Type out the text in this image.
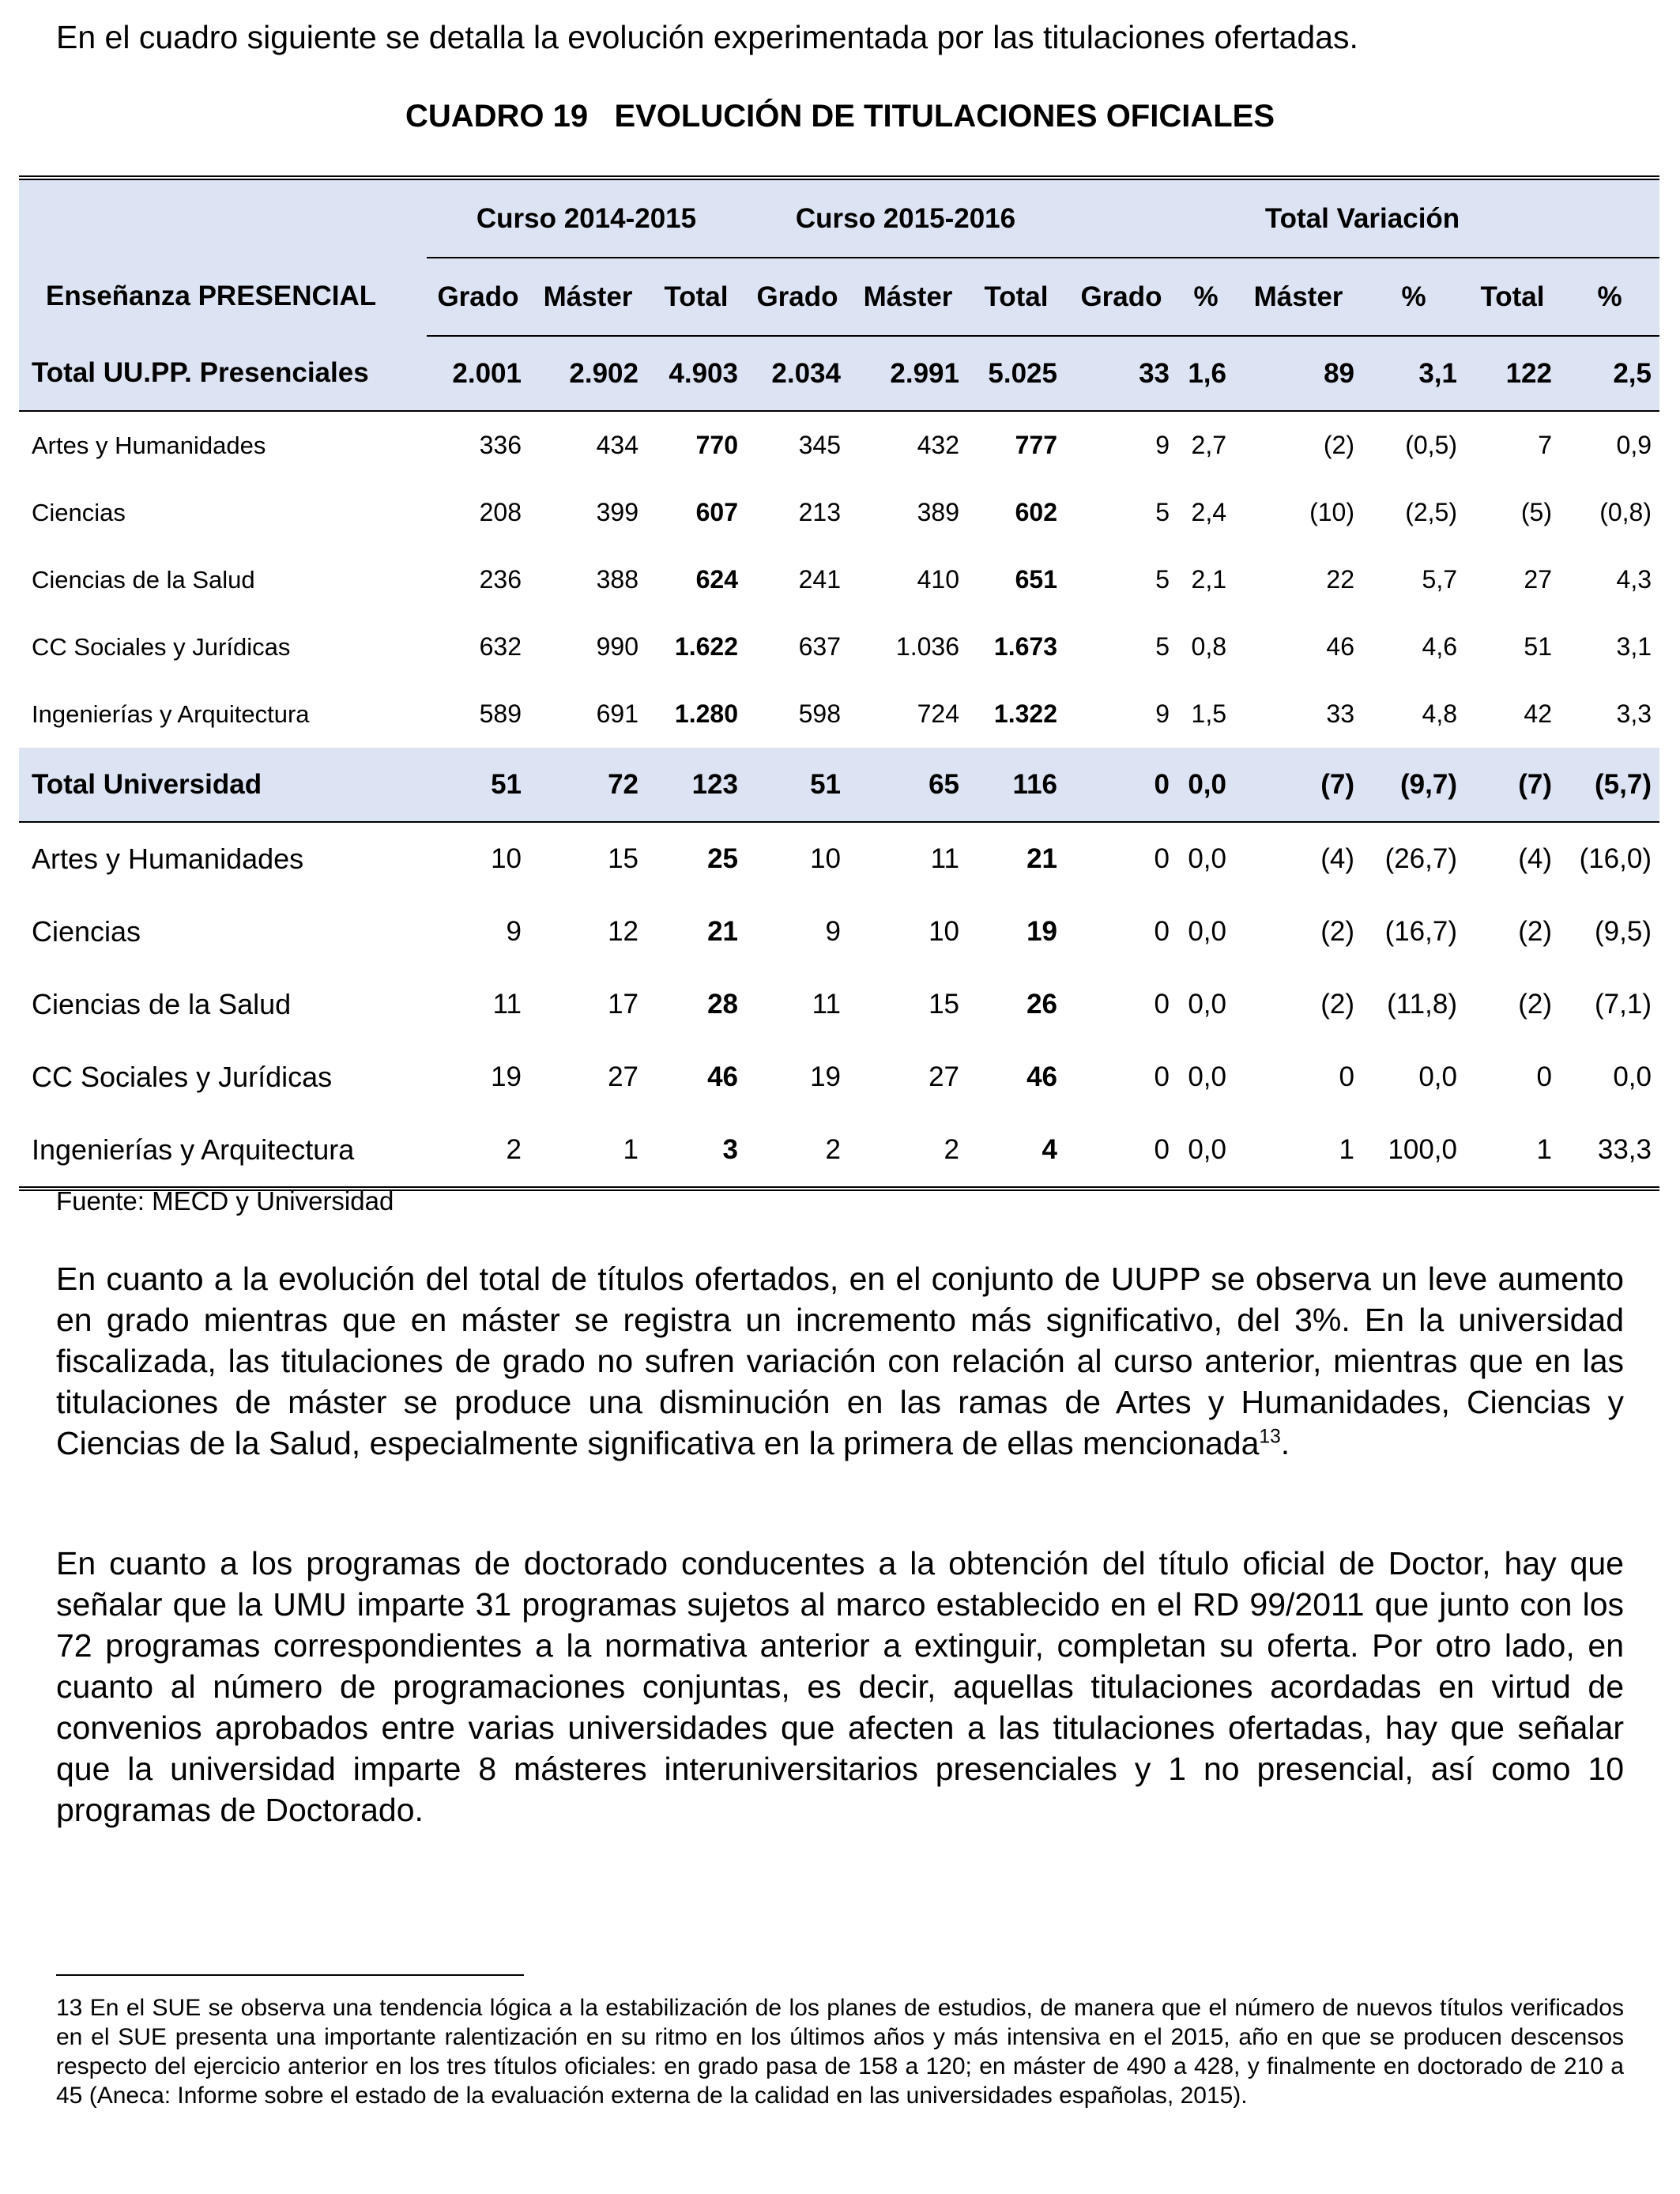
En el cuadro siguiente se detalla la evolución experimentada por las titulaciones ofertadas.
CUADRO 19   EVOLUCIÓN DE TITULACIONES OFICIALES

Enseñanza PRESENCIAL	Curso 2014-2015			Curso 2015-2016			Total Variación					
	Grado	Máster	Total	Grado	Máster	Total	Grado	%	Máster	%	Total	%
Total UU.PP. Presenciales	2.001	2.902	4.903	2.034	2.991	5.025	33	1,6	89	3,1	122	2,5
Artes y Humanidades	336	434	770	345	432	777	9	2,7	(2)	(0,5)	7	0,9
Ciencias	208	399	607	213	389	602	5	2,4	(10)	(2,5)	(5)	(0,8)
Ciencias de la Salud	236	388	624	241	410	651	5	2,1	22	5,7	27	4,3
CC Sociales y Jurídicas	632	990	1.622	637	1.036	1.673	5	0,8	46	4,6	51	3,1
Ingenierías y Arquitectura	589	691	1.280	598	724	1.322	9	1,5	33	4,8	42	3,3
Total Universidad	51	72	123	51	65	116	0	0,0	(7)	(9,7)	(7)	(5,7)
Artes y Humanidades	10	15	25	10	11	21	0	0,0	(4)	(26,7)	(4)	(16,0)
Ciencias	9	12	21	9	10	19	0	0,0	(2)	(16,7)	(2)	(9,5)
Ciencias de la Salud	11	17	28	11	15	26	0	0,0	(2)	(11,8)	(2)	(7,1)
CC Sociales y Jurídicas	19	27	46	19	27	46	0	0,0	0	0,0	0	0,0
Ingenierías y Arquitectura	2	1	3	2	2	4	0	0,0	1	100,0	1	33,3
Fuente: MECD y Universidad
En cuanto a la evolución del total de títulos ofertados, en el conjunto de UUPP se observa un leve aumento en grado mientras que en máster se registra un incremento más significativo, del 3%. En la universidad fiscalizada, las titulaciones de grado no sufren variación con relación al curso anterior, mientras que en las titulaciones de máster se produce una disminución en las ramas de Artes y Humanidades, Ciencias y Ciencias de la Salud, especialmente significativa en la primera de ellas mencionada$^{13}$.
En cuanto a los programas de doctorado conducentes a la obtención del título oficial de Doctor, hay que señalar que la UMU imparte 31 programas sujetos al marco establecido en el RD 99/2011 que junto con los 72 programas correspondientes a la normativa anterior a extinguir, completan su oferta. Por otro lado, en cuanto al número de programaciones conjuntas, es decir, aquellas titulaciones acordadas en virtud de convenios aprobados entre varias universidades que afecten a las titulaciones ofertadas, hay que señalar que la universidad imparte 8 másteres interuniversitarios presenciales y 1 no presencial, así como 10 programas de Doctorado.
13 En el SUE se observa una tendencia lógica a la estabilización de los planes de estudios, de manera que el número de nuevos títulos verificados en el SUE presenta una importante ralentización en su ritmo en los últimos años y más intensiva en el 2015, año en que se producen descensos respecto del ejercicio anterior en los tres títulos oficiales: en grado pasa de 158 a 120; en máster de 490 a 428, y finalmente en doctorado de 210 a 45 (Aneca: Informe sobre el estado de la evaluación externa de la calidad en las universidades españolas, 2015).
